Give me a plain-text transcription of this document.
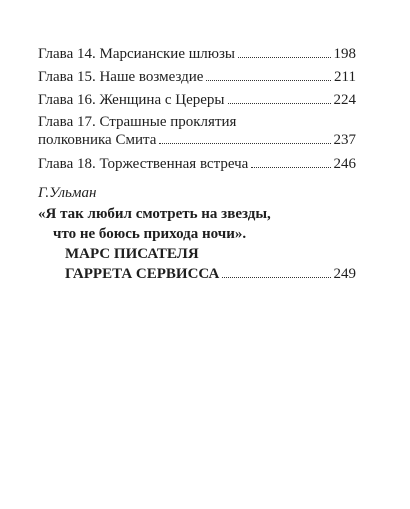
Глава 14. Марсианские шлюзы	198
Глава 15. Наше возмездие	211
Глава 16. Женщина с Цереры	224
Глава 17. Страшные проклятия
полковника Смита	237
Глава 18. Торжественная встреча	246
Г.Ульман
«Я так любил смотреть на звезды,
что не боюсь прихода ночи».
МАРС ПИСАТЕЛЯ
ГАРРЕТА СЕРВИССА	249
